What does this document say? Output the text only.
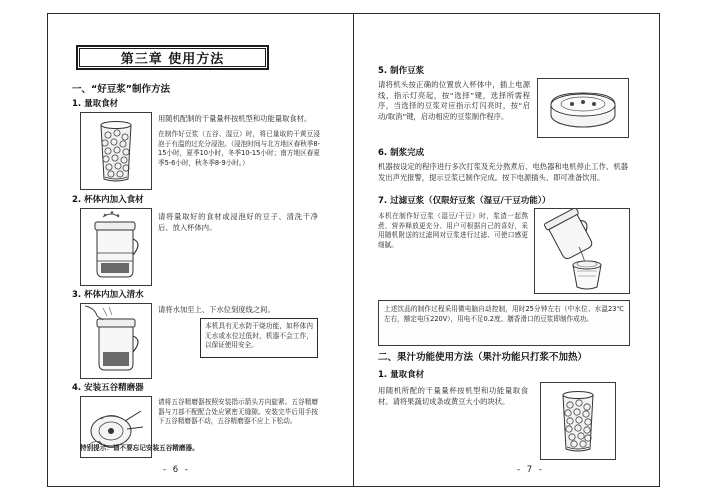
第三章 使用方法
一、“好豆浆”制作方法
1. 量取食材
用随机配制的干量量杯按机型和功能量取食材。
在制作好豆浆（五谷、湿豆）时，将已量取的干黄豆浸泡于有温的过充分浸泡。（浸泡时间与北方地区春秋季8-15小时，夏季10小时，冬季10-15小时；南方地区春夏季5-6小时，秋冬季8-9小时。）
2. 杯体内加入食材
请将量取好的食材或浸泡好的豆子、清洗干净后、放入杯体内。
3. 杯体内加入清水
请将水加至上、下水位刻度线之间。
本机具有无水防干烧功能，如杯体内无水或水位过低时，机器不会工作，以保证使用安全。
4. 安装五谷精磨器
请将五谷精磨器按照安装指示箭头方向旋紧。五谷精磨器与刀部不配配合处应紧密无缝隙。安装完毕后用手按下五谷精磨器不动，五谷精磨器不应上下松动。
特别提示：请不要忘记安装五谷精磨器。
- 6 -
5. 制作豆浆
请将机头按正确的位置放入杯体中，插上电源线，指示灯亮起，按“选择”键，选择所需程序，当选择的豆浆对应指示灯闪亮时，按“启动/取消”键，启动相应的豆浆制作程序。
6. 制浆完成
机器按设定的程序进行多次打浆及充分熬煮后、电热器和电机停止工作、机器发出声光报警，提示豆浆已制作完成。按下电源插头、即可准备饮用。
7. 过滤豆浆（仅限好豆浆（湿豆/干豆功能））
本机在制作好豆浆（湿豆/干豆）时，浆渣一起熬煮，营养释放更充分、用户可根据自己的喜好，采用随机附送的过滤网对豆浆进行过滤、可使口感更细腻。
上述饮品的制作过程采用微电脑自动控制，用时25分钟左右（中水位、水温23℃左右，额定电压220V），用电不足0.2度、膳香滑口的豆浆即制作成功。
二、果汁功能使用方法（果汁功能只打浆不加热）
1. 量取食材
用随机所配的干量量杯按机型和功能量取食材。请将果蔬切成条或黄豆大小的块状。
- 7 -
